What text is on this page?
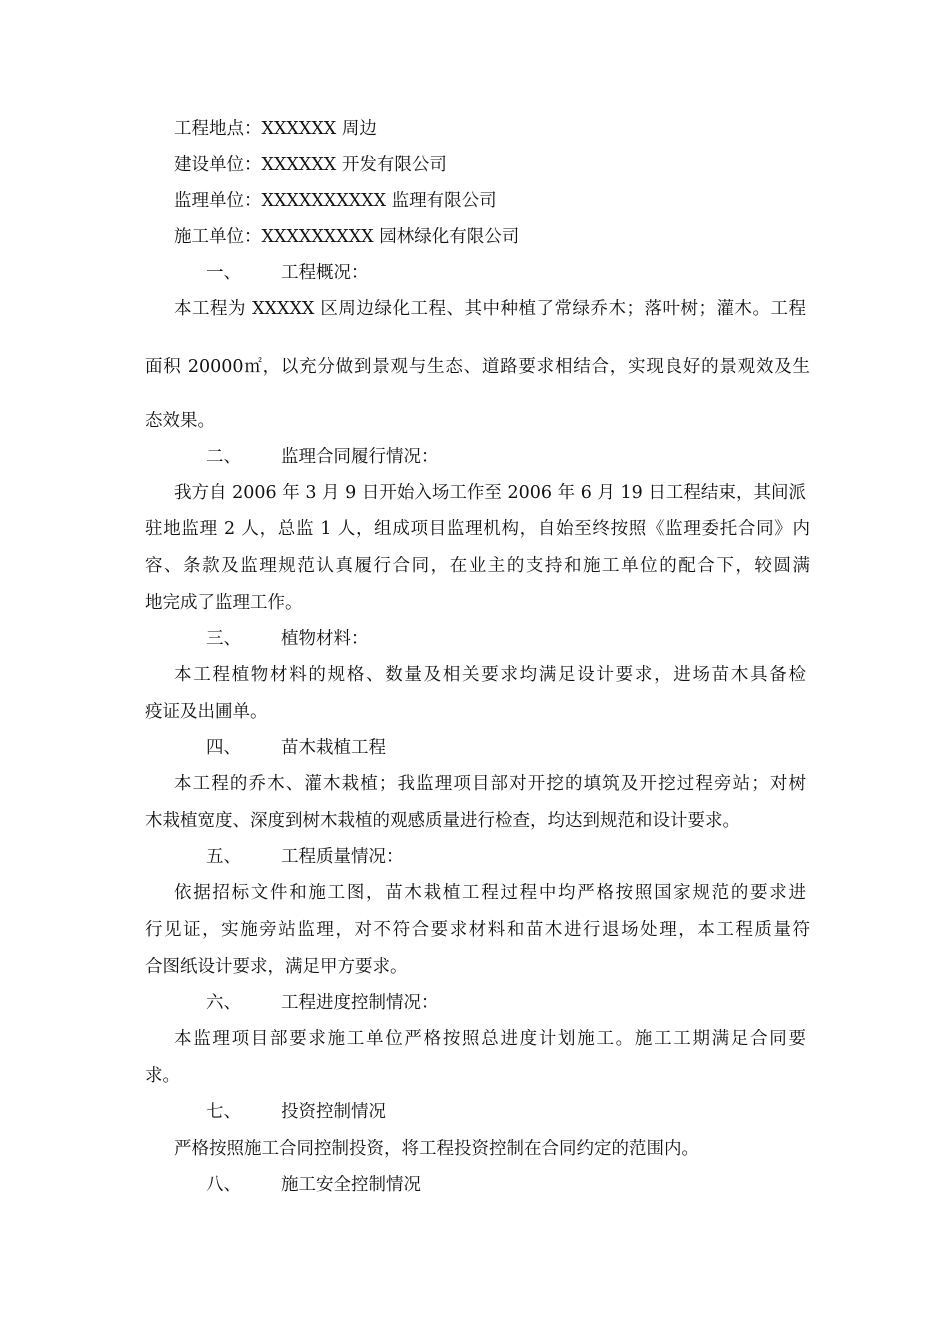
工程地点：XXXXXX 周边
建设单位：XXXXXX 开发有限公司
监理单位：XXXXXXXXXX 监理有限公司
施工单位：XXXXXXXXX 园林绿化有限公司
一、 工程概况：
本工程为 XXXXX 区周边绿化工程、其中种植了常绿乔木；落叶树；灌木。工程
面积 20000㎡，以充分做到景观与生态、道路要求相结合，实现良好的景观效及生
态效果。
二、 监理合同履行情况：
我方自 2006 年 3 月 9 日开始入场工作至 2006 年 6 月 19 日工程结束，其间派
驻地监理 2 人，总监 1 人，组成项目监理机构，自始至终按照《监理委托合同》内
容、条款及监理规范认真履行合同，在业主的支持和施工单位的配合下，较圆满
地完成了监理工作。
三、 植物材料：
本工程植物材料的规格、数量及相关要求均满足设计要求，进场苗木具备检
疫证及出圃单。
四、 苗木栽植工程
本工程的乔木、灌木栽植；我监理项目部对开挖的填筑及开挖过程旁站；对树
木栽植宽度、深度到树木栽植的观感质量进行检查，均达到规范和设计要求。
五、 工程质量情况：
依据招标文件和施工图，苗木栽植工程过程中均严格按照国家规范的要求进
行见证，实施旁站监理，对不符合要求材料和苗木进行退场处理，本工程质量符
合图纸设计要求，满足甲方要求。
六、 工程进度控制情况：
本监理项目部要求施工单位严格按照总进度计划施工。施工工期满足合同要
求。
七、 投资控制情况
严格按照施工合同控制投资，将工程投资控制在合同约定的范围内。
八、 施工安全控制情况
